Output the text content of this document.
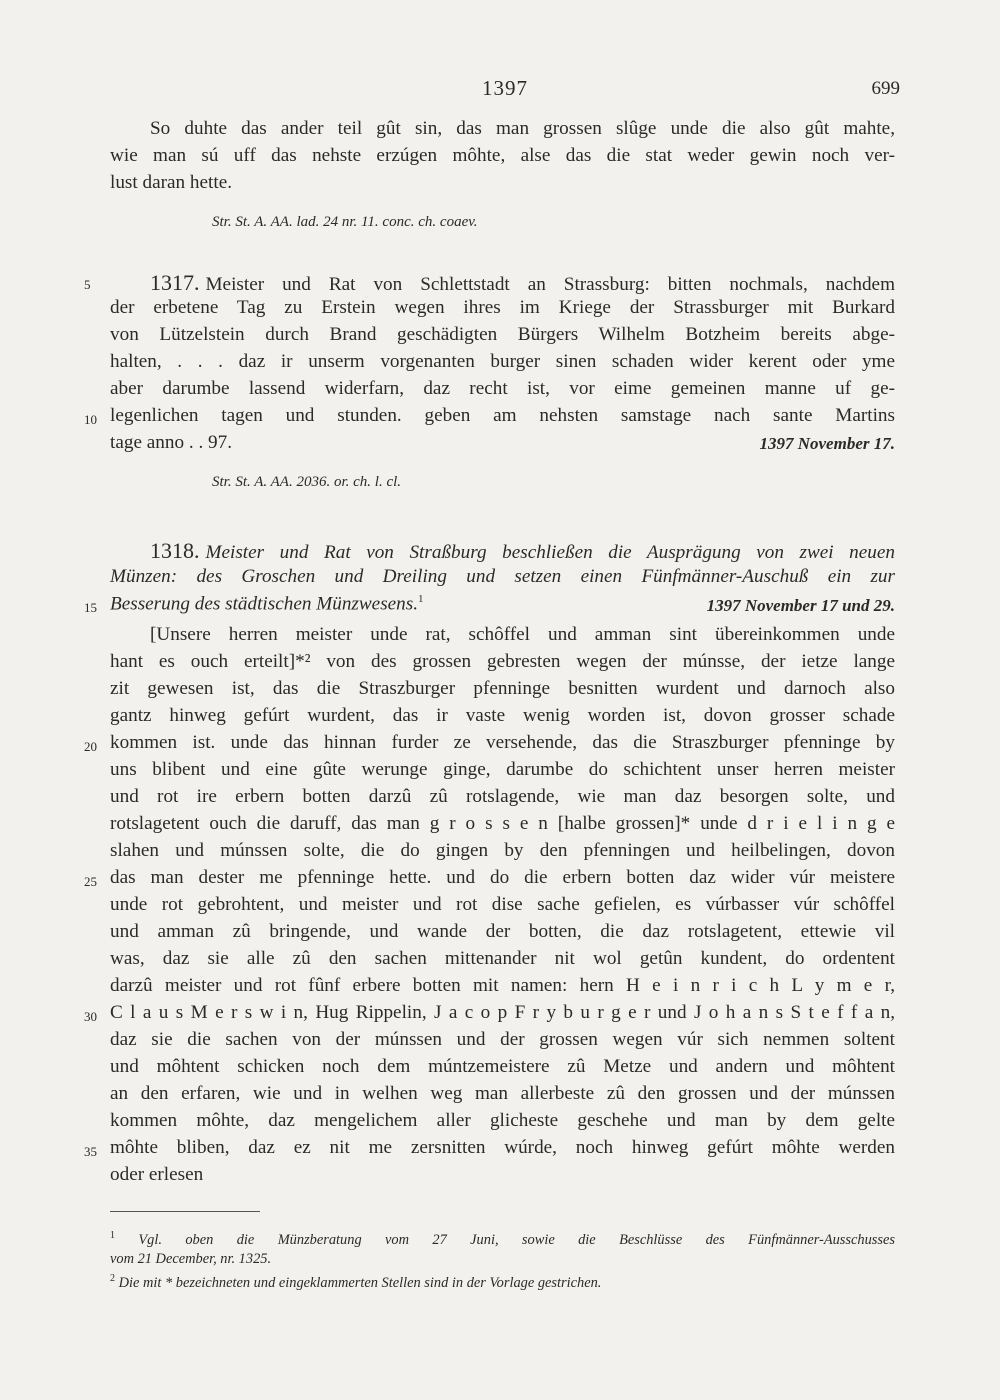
1397	699
So duhte das ander teil gût sin, das man grossen slûge unde die also gût mahte,
wie man sú uff das nehste erzúgen môhte, alse das die stat weder gewin noch ver-
lust daran hette.
Str. St. A. AA. lad. 24 nr. 11. conc. ch. coaev.
5	1317. Meister und Rat von Schlettstadt an Strassburg: bitten nochmals, nachdem
der erbetene Tag zu Erstein wegen ihres im Kriege der Strassburger mit Burkard
von Lützelstein durch Brand geschädigten Bürgers Wilhelm Botzheim bereits abge-
halten, . . . daz ir unserm vorgenanten burger sinen schaden wider kerent oder yme
aber darumbe lassend widerfarn, daz recht ist, vor eime gemeinen manne uf ge-
10 legenlichen tagen und stunden. geben am nehsten samstage nach sante Martins
tage anno . . 97.	1397 November 17.
Str. St. A. AA. 2036. or. ch. l. cl.
1318. Meister und Rat von Straßburg beschließen die Ausprägung von zwei neuen
Münzen: des Groschen und Dreiling und setzen einen Fünfmänner-Auschuß ein zur
15 Besserung des städtischen Münzwesens.$^1$	1397 November 17 und 29.
[Unsere herren meister unde rat, schôffel und amman sint übereinkommen unde
hant es ouch erteilt]*² von des grossen gebresten wegen der múnsse, der ietze lange
zit gewesen ist, das die Straszburger pfenninge besnitten wurdent und darnoch also
gantz hinweg gefúrt wurdent, das ir vaste wenig worden ist, dovon grosser schade
20 kommen ist. unde das hinnan furder ze versehende, das die Straszburger pfenninge by
uns blibent und eine gûte werunge ginge, darumbe do schichtent unser herren meister
und rot ire erbern botten darzû zû rotslagende, wie man daz besorgen solte, und
rotslagetent ouch die daruff, das man g r o s s e n [halbe grossen]* unde d r i e l i n g e
slahen und múnssen solte, die do gingen by den pfenningen und heilbelingen, dovon
25 das man dester me pfenninge hette. und do die erbern botten daz wider vúr meistere
unde rot gebrohtent, und meister und rot dise sache gefielen, es vúrbasser vúr schôffel
und amman zû bringende, und wande der botten, die daz rotslagetent, ettewie vil
was, daz sie alle zû den sachen mittenander nit wol getûn kundent, do ordentent
darzû meister und rot fûnf erbere botten mit namen: hern H e i n r i c h L y m e r,
30 C l a u s M e r s w i n, Hug Rippelin, J a c o p F r y b u r g e r und J o h a n s S t e f f a n,
daz sie die sachen von der múnssen und der grossen wegen vúr sich nemmen soltent
und môhtent schicken noch dem múntzemeistere zû Metze und andern und môhtent
an den erfaren, wie und in welhen weg man allerbeste zû den grossen und der múnssen
kommen môhte, daz mengelichem aller glicheste geschehe und man by dem gelte
35 môhte bliben, daz ez nit me zersnitten wúrde, noch hinweg gefúrt môhte werden
oder erlesen
$^1$ Vgl. oben die Münzberatung vom 27 Juni, sowie die Beschlüsse des Fünfmänner-Ausschusses
vom 21 December, nr. 1325.
$^2$ Die mit * bezeichneten und eingeklammerten Stellen sind in der Vorlage gestrichen.
